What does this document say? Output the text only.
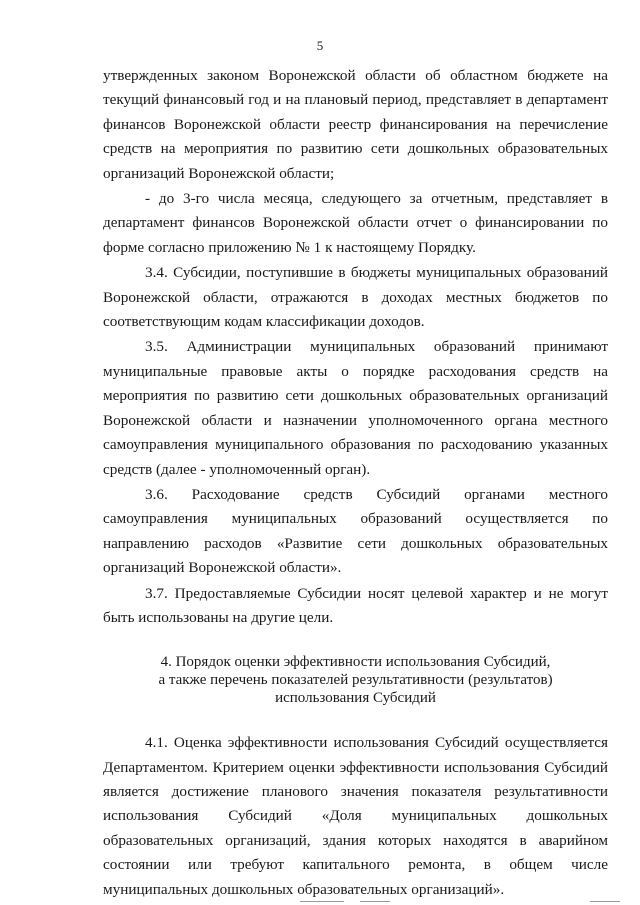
5

утвержденных законом Воронежской области об областном бюджете на текущий финансовый год и на плановый период, представляет в департамент финансов Воронежской области реестр финансирования на перечисление средств на мероприятия по развитию сети дошкольных образовательных организаций Воронежской области;

- до 3-го числа месяца, следующего за отчетным, представляет в департамент финансов Воронежской области отчет о финансировании по форме согласно приложению № 1 к настоящему Порядку.

3.4. Субсидии, поступившие в бюджеты муниципальных образований Воронежской области, отражаются в доходах местных бюджетов по соответствующим кодам классификации доходов.

3.5. Администрации муниципальных образований принимают муниципальные правовые акты о порядке расходования средств на мероприятия по развитию сети дошкольных образовательных организаций Воронежской области и назначении уполномоченного органа местного самоуправления муниципального образования по расходованию указанных средств (далее - уполномоченный орган).

3.6. Расходование средств Субсидий органами местного самоуправления муниципальных образований осуществляется по направлению расходов «Развитие сети дошкольных образовательных организаций Воронежской области».

3.7. Предоставляемые Субсидии носят целевой характер и не могут быть использованы на другие цели.

4. Порядок оценки эффективности использования Субсидий,
а также перечень показателей результативности (результатов)
использования Субсидий

4.1. Оценка эффективности использования Субсидий осуществляется Департаментом. Критерием оценки эффективности использования Субсидий является достижение планового значения показателя результативности использования Субсидий «Доля муниципальных дошкольных образовательных организаций, здания которых находятся в аварийном состоянии или требуют капитального ремонта, в общем числе муниципальных дошкольных образовательных организаций».
